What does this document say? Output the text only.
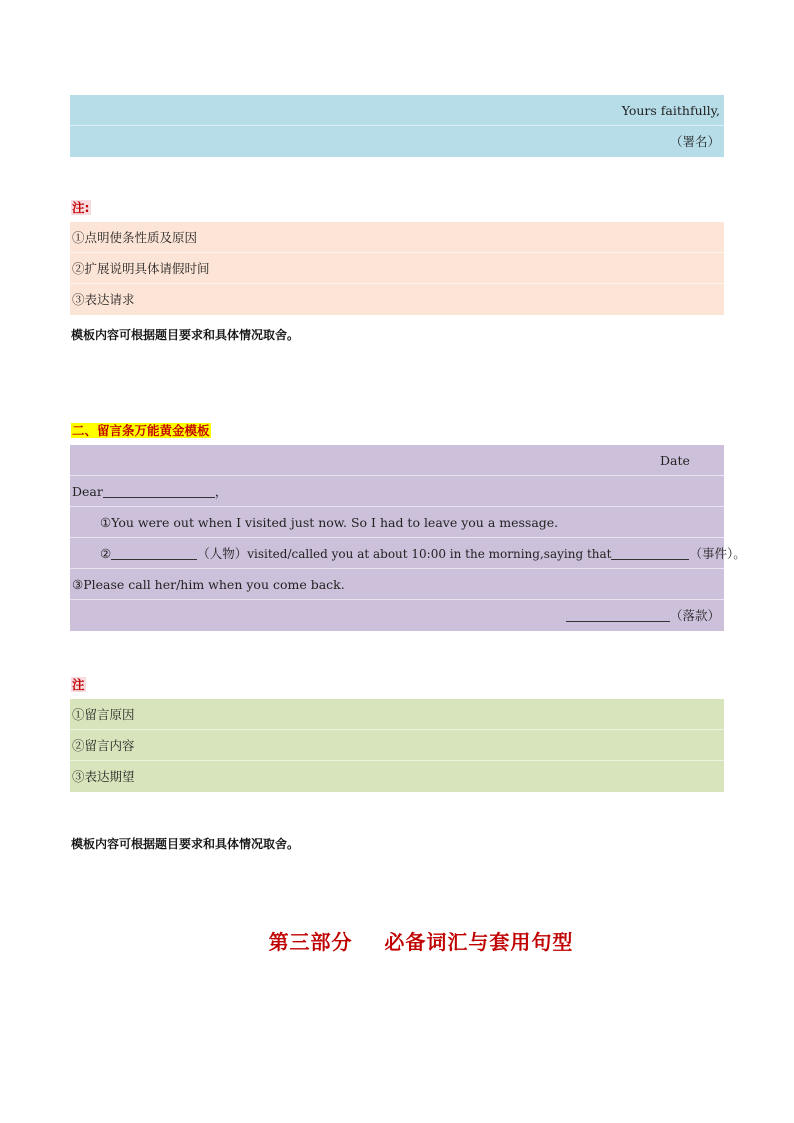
Yours faithfully,
（署名）
注:
①点明使条性质及原因
②扩展说明具体请假时间
③表达请求
模板内容可根据题目要求和具体情况取舍。
二、留言条万能黄金模板
Date
Dear	，
①You were out when I visited just now. So I had to leave you a message.
②	（人物）visited/called you at about 10:00 in the morning,saying that	（事件）。
③Please call her/him when you come back.
（落款）
注
①留言原因
②留言内容
③表达期望
模板内容可根据题目要求和具体情况取舍。
第三部分    必备词汇与套用句型
